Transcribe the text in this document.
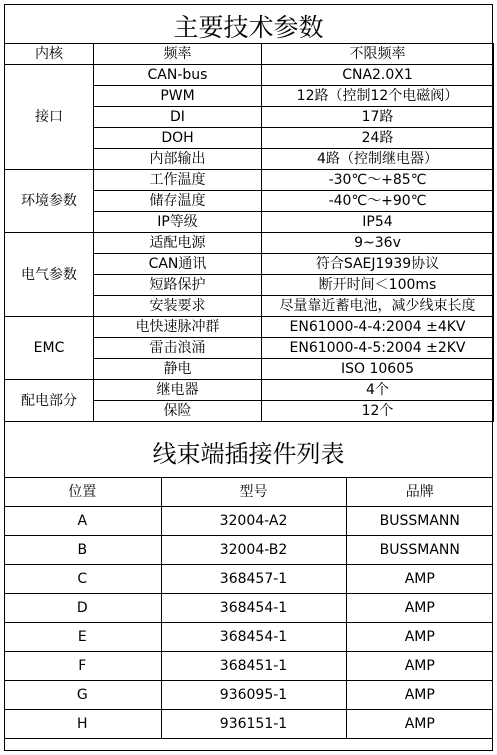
主要技术参数
内核	频率	不限频率
接口	CAN-bus	CNA2.0X1
	PWM	12路（控制12个电磁阀）
	DI	17路
	DOH	24路
	内部输出	4路（控制继电器）
环境参数	工作温度	-30℃～+85℃
	储存温度	-40℃～+90℃
	IP等级	IP54
电气参数	适配电源	9~36v
	CAN通讯	符合SAEJ1939协议
	短路保护	断开时间＜100ms
	安装要求	尽量靠近蓄电池，减少线束长度
EMC	电快速脉冲群	EN61000-4-4:2004 ±4KV
	雷击浪涌	EN61000-4-5:2004 ±2KV
	静电	ISO 10605
配电部分	继电器	4个
	保险	12个
线束端插接件列表
位置	型号	品牌
A	32004-A2	BUSSMANN
B	32004-B2	BUSSMANN
C	368457-1	AMP
D	368454-1	AMP
E	368454-1	AMP
F	368451-1	AMP
G	936095-1	AMP
H	936151-1	AMP
